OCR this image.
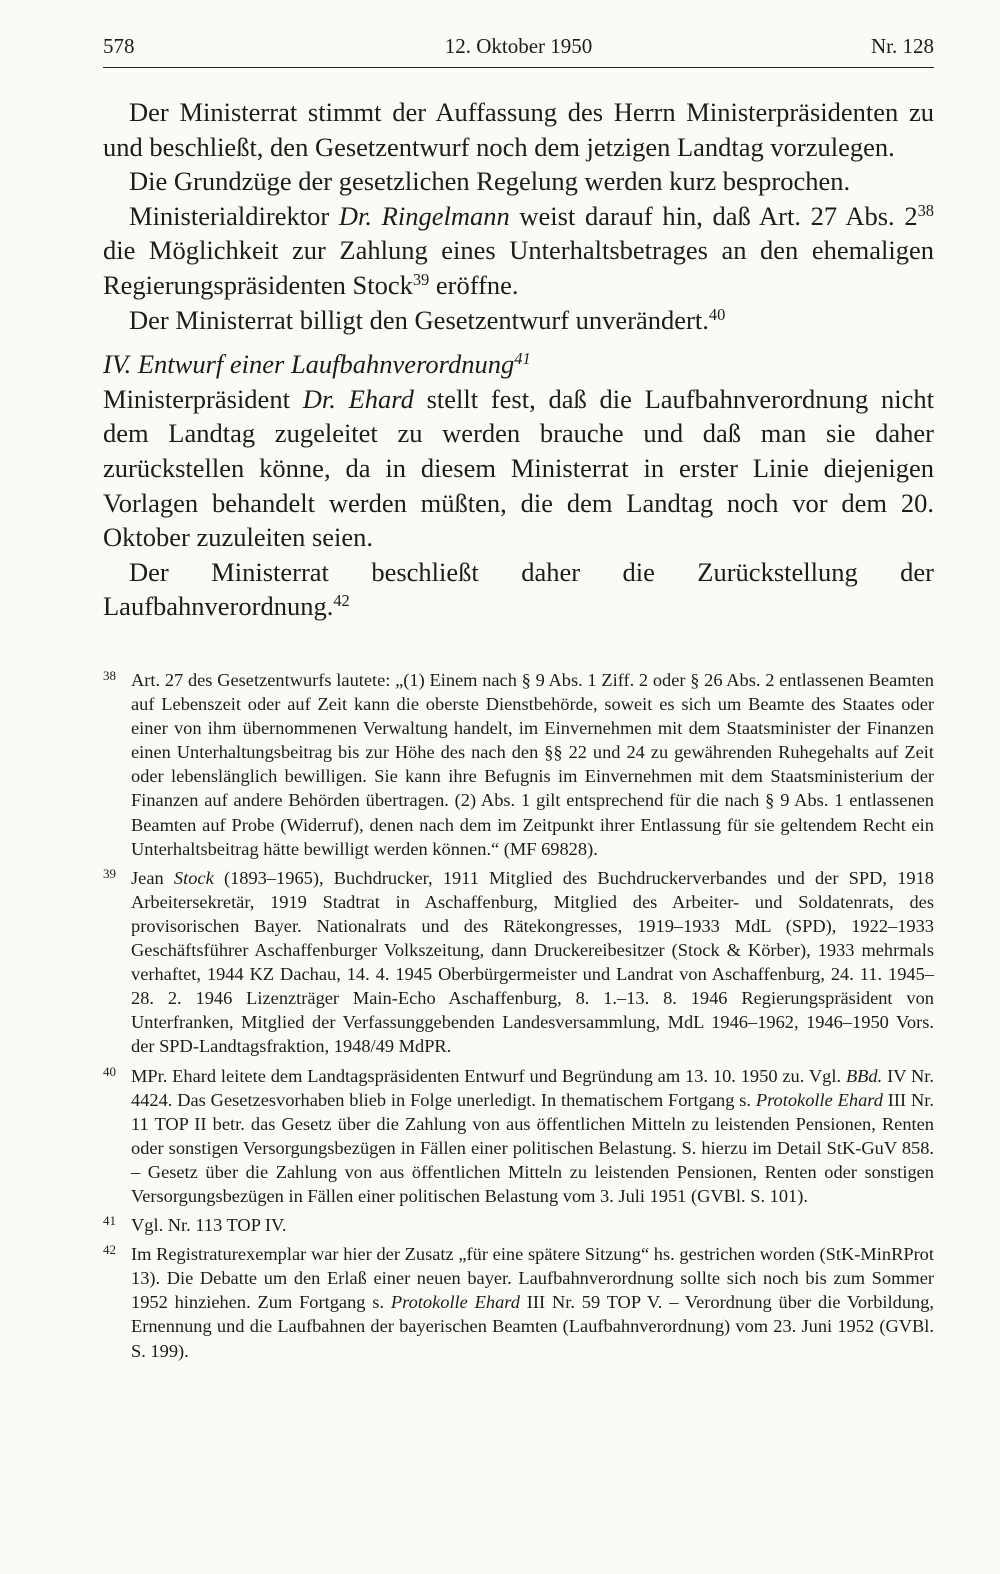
578	12. Oktober 1950	Nr. 128

Der Ministerrat stimmt der Auffassung des Herrn Ministerpräsidenten zu und beschließt, den Gesetzentwurf noch dem jetzigen Landtag vorzulegen.

Die Grundzüge der gesetzlichen Regelung werden kurz besprochen.

Ministerialdirektor Dr. Ringelmann weist darauf hin, daß Art. 27 Abs. $2^{38}$ die Möglichkeit zur Zahlung eines Unterhaltsbetrages an den ehemaligen Regierungspräsidenten Stock$^{39}$ eröffne.

Der Ministerrat billigt den Gesetzentwurf unverändert.$^{40}$

IV. Entwurf einer Laufbahnverordnung$^{41}$

Ministerpräsident Dr. Ehard stellt fest, daß die Laufbahnverordnung nicht dem Landtag zugeleitet zu werden brauche und daß man sie daher zurückstellen könne, da in diesem Ministerrat in erster Linie diejenigen Vorlagen behandelt werden müßten, die dem Landtag noch vor dem 20. Oktober zuzuleiten seien.

Der Ministerrat beschließt daher die Zurückstellung der Laufbahnverordnung.$^{42}$

38 Art. 27 des Gesetzentwurfs lautete: „(1) Einem nach § 9 Abs. 1 Ziff. 2 oder § 26 Abs. 2 entlassenen Beamten auf Lebenszeit oder auf Zeit kann die oberste Dienstbehörde, soweit es sich um Beamte des Staates oder einer von ihm übernommenen Verwaltung handelt, im Einvernehmen mit dem Staatsminister der Finanzen einen Unterhaltungsbeitrag bis zur Höhe des nach den §§ 22 und 24 zu gewährenden Ruhegehalts auf Zeit oder lebenslänglich bewilligen. Sie kann ihre Befugnis im Einvernehmen mit dem Staatsministerium der Finanzen auf andere Behörden übertragen. (2) Abs. 1 gilt entsprechend für die nach § 9 Abs. 1 entlassenen Beamten auf Probe (Widerruf), denen nach dem im Zeitpunkt ihrer Entlassung für sie geltendem Recht ein Unterhaltsbeitrag hätte bewilligt werden können.“ (MF 69828).

39 Jean Stock (1893–1965), Buchdrucker, 1911 Mitglied des Buchdruckerverbandes und der SPD, 1918 Arbeitersekretär, 1919 Stadtrat in Aschaffenburg, Mitglied des Arbeiter- und Soldatenrats, des provisorischen Bayer. Nationalrats und des Rätekongresses, 1919–1933 MdL (SPD), 1922–1933 Geschäftsführer Aschaffenburger Volkszeitung, dann Druckereibesitzer (Stock & Körber), 1933 mehrmals verhaftet, 1944 KZ Dachau, 14. 4. 1945 Oberbürgermeister und Landrat von Aschaffenburg, 24. 11. 1945–28. 2. 1946 Lizenzträger Main-Echo Aschaffenburg, 8. 1.–13. 8. 1946 Regierungspräsident von Unterfranken, Mitglied der Verfassunggebenden Landesversammlung, MdL 1946–1962, 1946–1950 Vors. der SPD-Landtagsfraktion, 1948/49 MdPR.

40 MPr. Ehard leitete dem Landtagspräsidenten Entwurf und Begründung am 13. 10. 1950 zu. Vgl. BBd. IV Nr. 4424. Das Gesetzesvorhaben blieb in Folge unerledigt. In thematischem Fortgang s. Protokolle Ehard III Nr. 11 TOP II betr. das Gesetz über die Zahlung von aus öffentlichen Mitteln zu leistenden Pensionen, Renten oder sonstigen Versorgungsbezügen in Fällen einer politischen Belastung. S. hierzu im Detail StK-GuV 858. – Gesetz über die Zahlung von aus öffentlichen Mitteln zu leistenden Pensionen, Renten oder sonstigen Versorgungsbezügen in Fällen einer politischen Belastung vom 3. Juli 1951 (GVBl. S. 101).

41 Vgl. Nr. 113 TOP IV.

42 Im Registraturexemplar war hier der Zusatz „für eine spätere Sitzung“ hs. gestrichen worden (StK-MinRProt 13). Die Debatte um den Erlaß einer neuen bayer. Laufbahnverordnung sollte sich noch bis zum Sommer 1952 hinziehen. Zum Fortgang s. Protokolle Ehard III Nr. 59 TOP V. – Verordnung über die Vorbildung, Ernennung und die Laufbahnen der bayerischen Beamten (Laufbahnverordnung) vom 23. Juni 1952 (GVBl. S. 199).
